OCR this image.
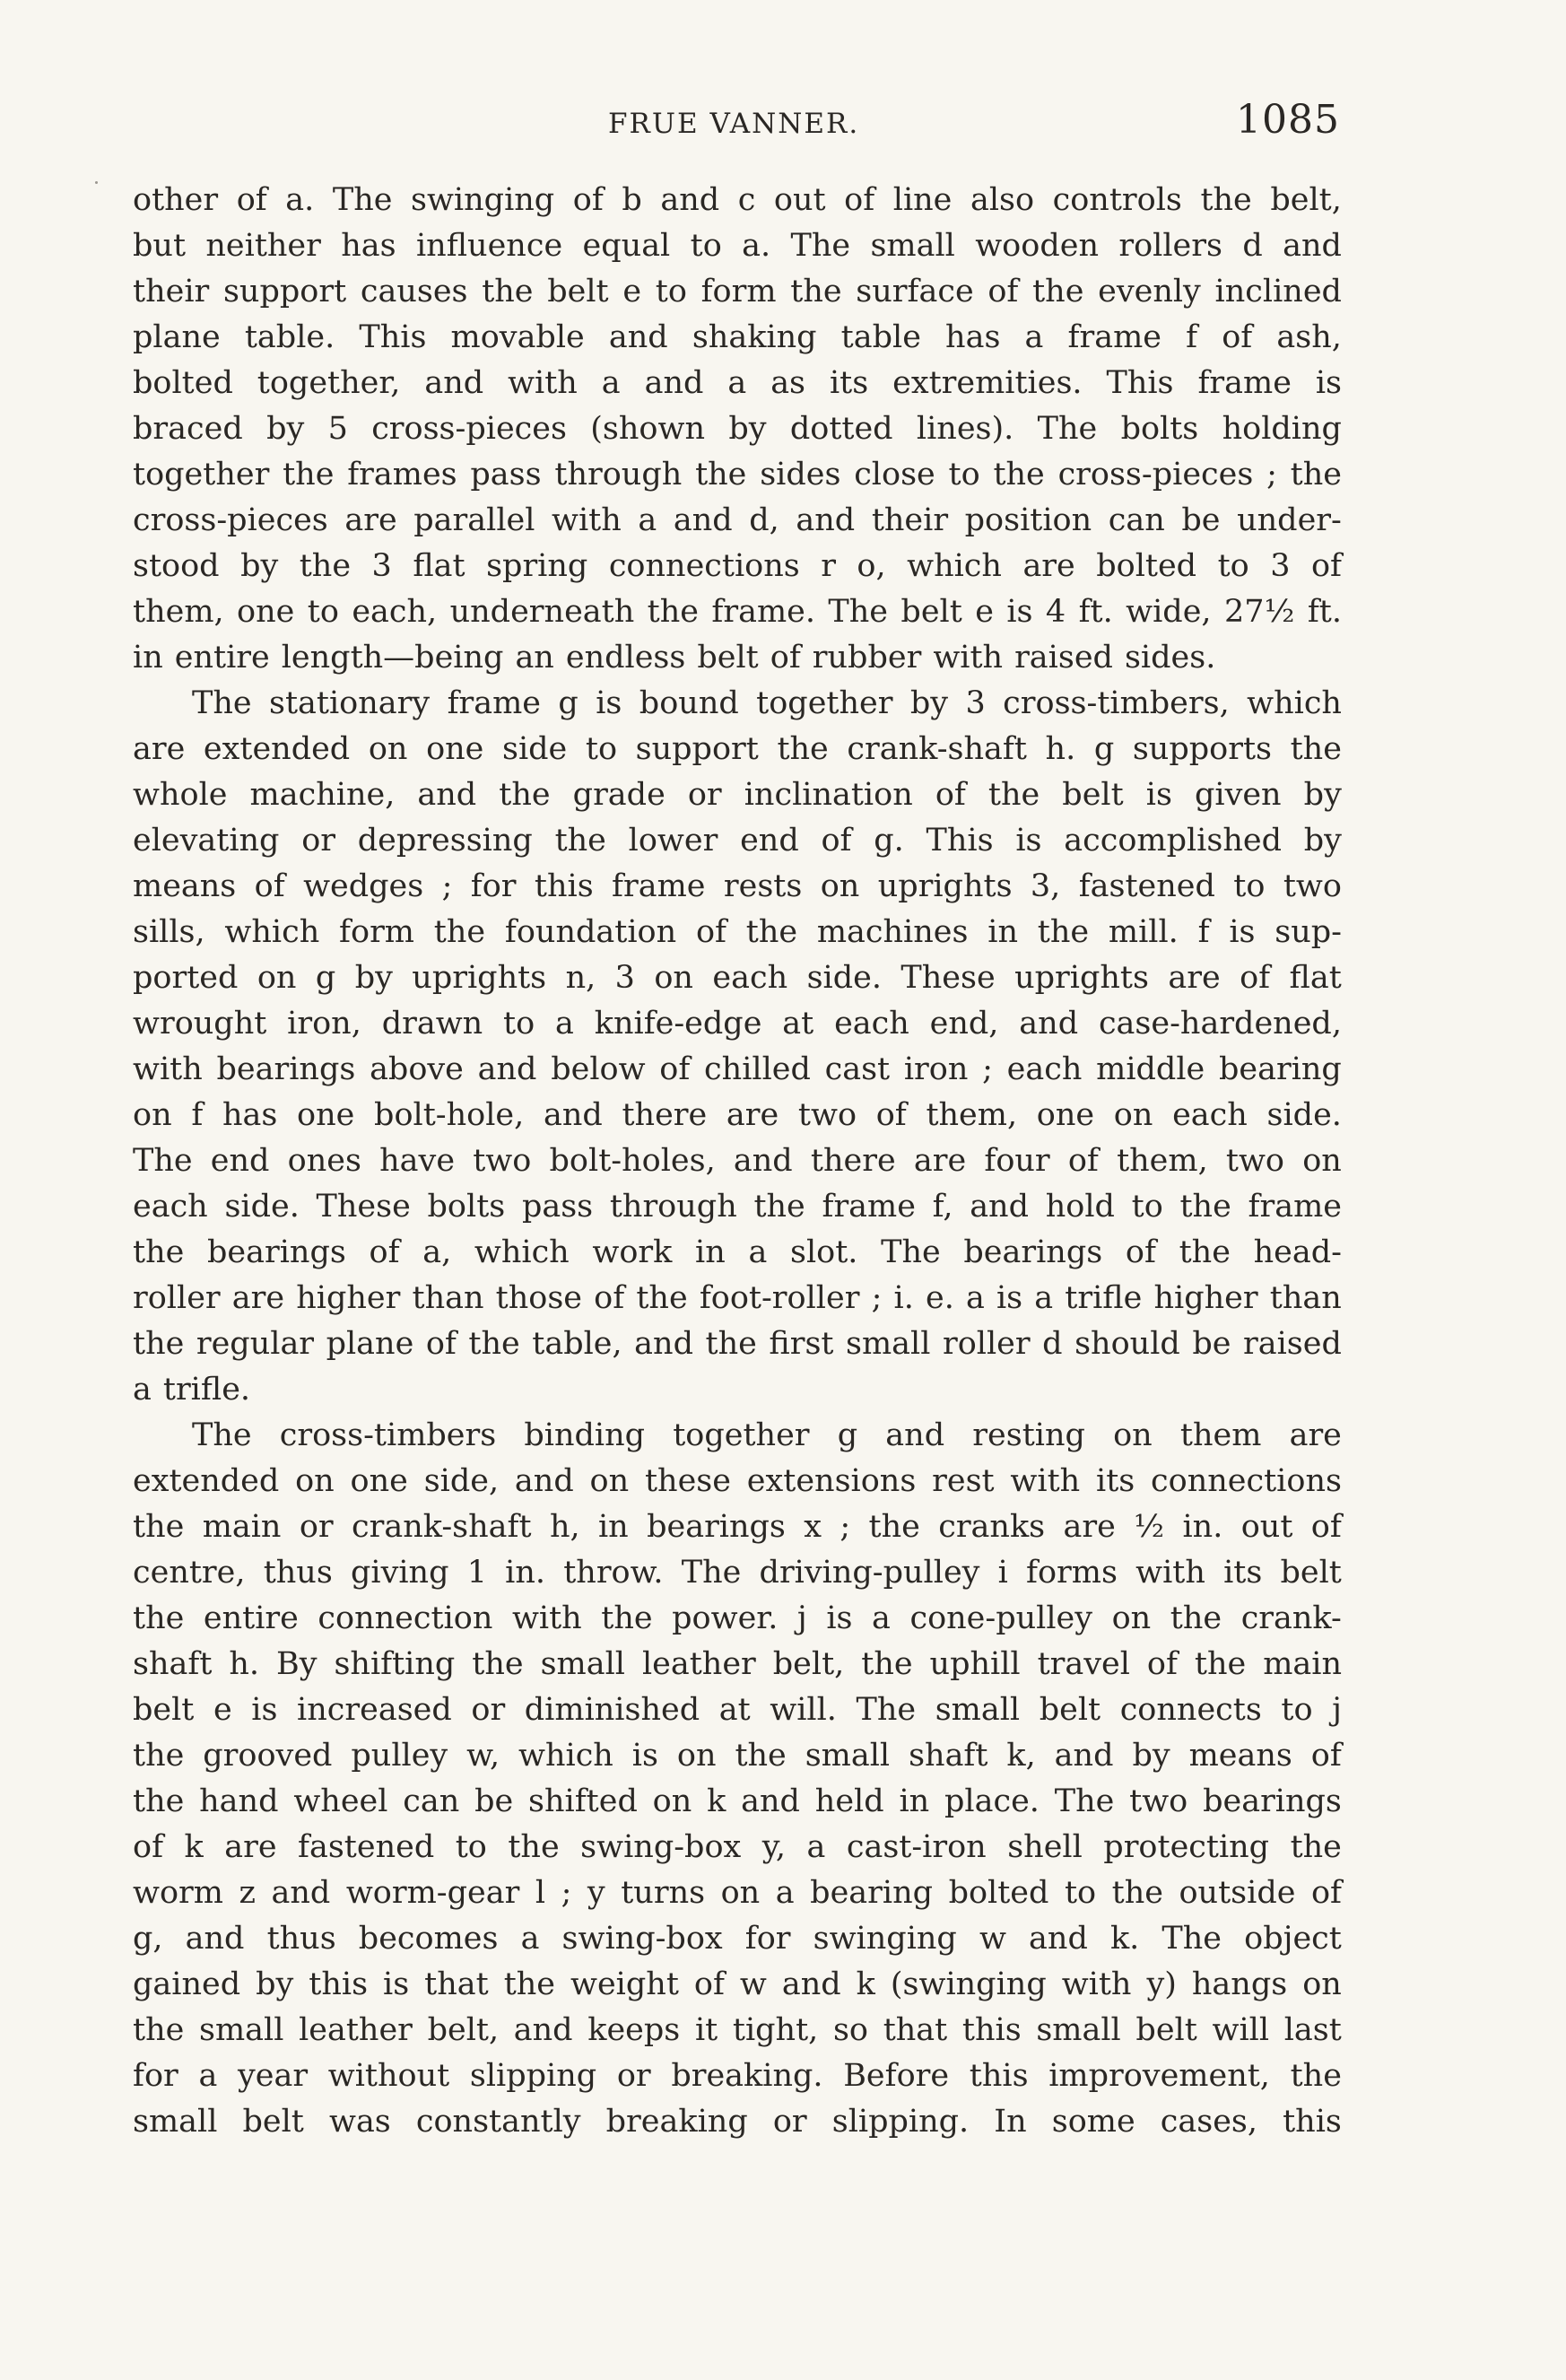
FRUE VANNER.	1085
other of a. The swinging of b and c out of line also controls the belt,
but neither has influence equal to a. The small wooden rollers d and
their support causes the belt e to form the surface of the evenly inclined
plane table. This movable and shaking table has a frame f of ash,
bolted together, and with a and a as its extremities. This frame is
braced by 5 cross-pieces (shown by dotted lines). The bolts holding
together the frames pass through the sides close to the cross-pieces ; the
cross-pieces are parallel with a and d, and their position can be under-
stood by the 3 flat spring connections r o, which are bolted to 3 of
them, one to each, underneath the frame. The belt e is 4 ft. wide, 27½ ft.
in entire length—being an endless belt of rubber with raised sides.
The stationary frame g is bound together by 3 cross-timbers, which
are extended on one side to support the crank-shaft h. g supports the
whole machine, and the grade or inclination of the belt is given by
elevating or depressing the lower end of g. This is accomplished by
means of wedges ; for this frame rests on uprights 3, fastened to two
sills, which form the foundation of the machines in the mill. f is sup-
ported on g by uprights n, 3 on each side. These uprights are of flat
wrought iron, drawn to a knife-edge at each end, and case-hardened,
with bearings above and below of chilled cast iron ; each middle bearing
on f has one bolt-hole, and there are two of them, one on each side.
The end ones have two bolt-holes, and there are four of them, two on
each side. These bolts pass through the frame f, and hold to the frame
the bearings of a, which work in a slot. The bearings of the head-
roller are higher than those of the foot-roller ; i. e. a is a trifle higher than
the regular plane of the table, and the first small roller d should be raised
a trifle.
The cross-timbers binding together g and resting on them are
extended on one side, and on these extensions rest with its connections
the main or crank-shaft h, in bearings x ; the cranks are ½ in. out of
centre, thus giving 1 in. throw. The driving-pulley i forms with its belt
the entire connection with the power. j is a cone-pulley on the crank-
shaft h. By shifting the small leather belt, the uphill travel of the main
belt e is increased or diminished at will. The small belt connects to j
the grooved pulley w, which is on the small shaft k, and by means of
the hand wheel can be shifted on k and held in place. The two bearings
of k are fastened to the swing-box y, a cast-iron shell protecting the
worm z and worm-gear l ; y turns on a bearing bolted to the outside of
g, and thus becomes a swing-box for swinging w and k. The object
gained by this is that the weight of w and k (swinging with y) hangs on
the small leather belt, and keeps it tight, so that this small belt will last
for a year without slipping or breaking. Before this improvement, the
small belt was constantly breaking or slipping. In some cases, this
